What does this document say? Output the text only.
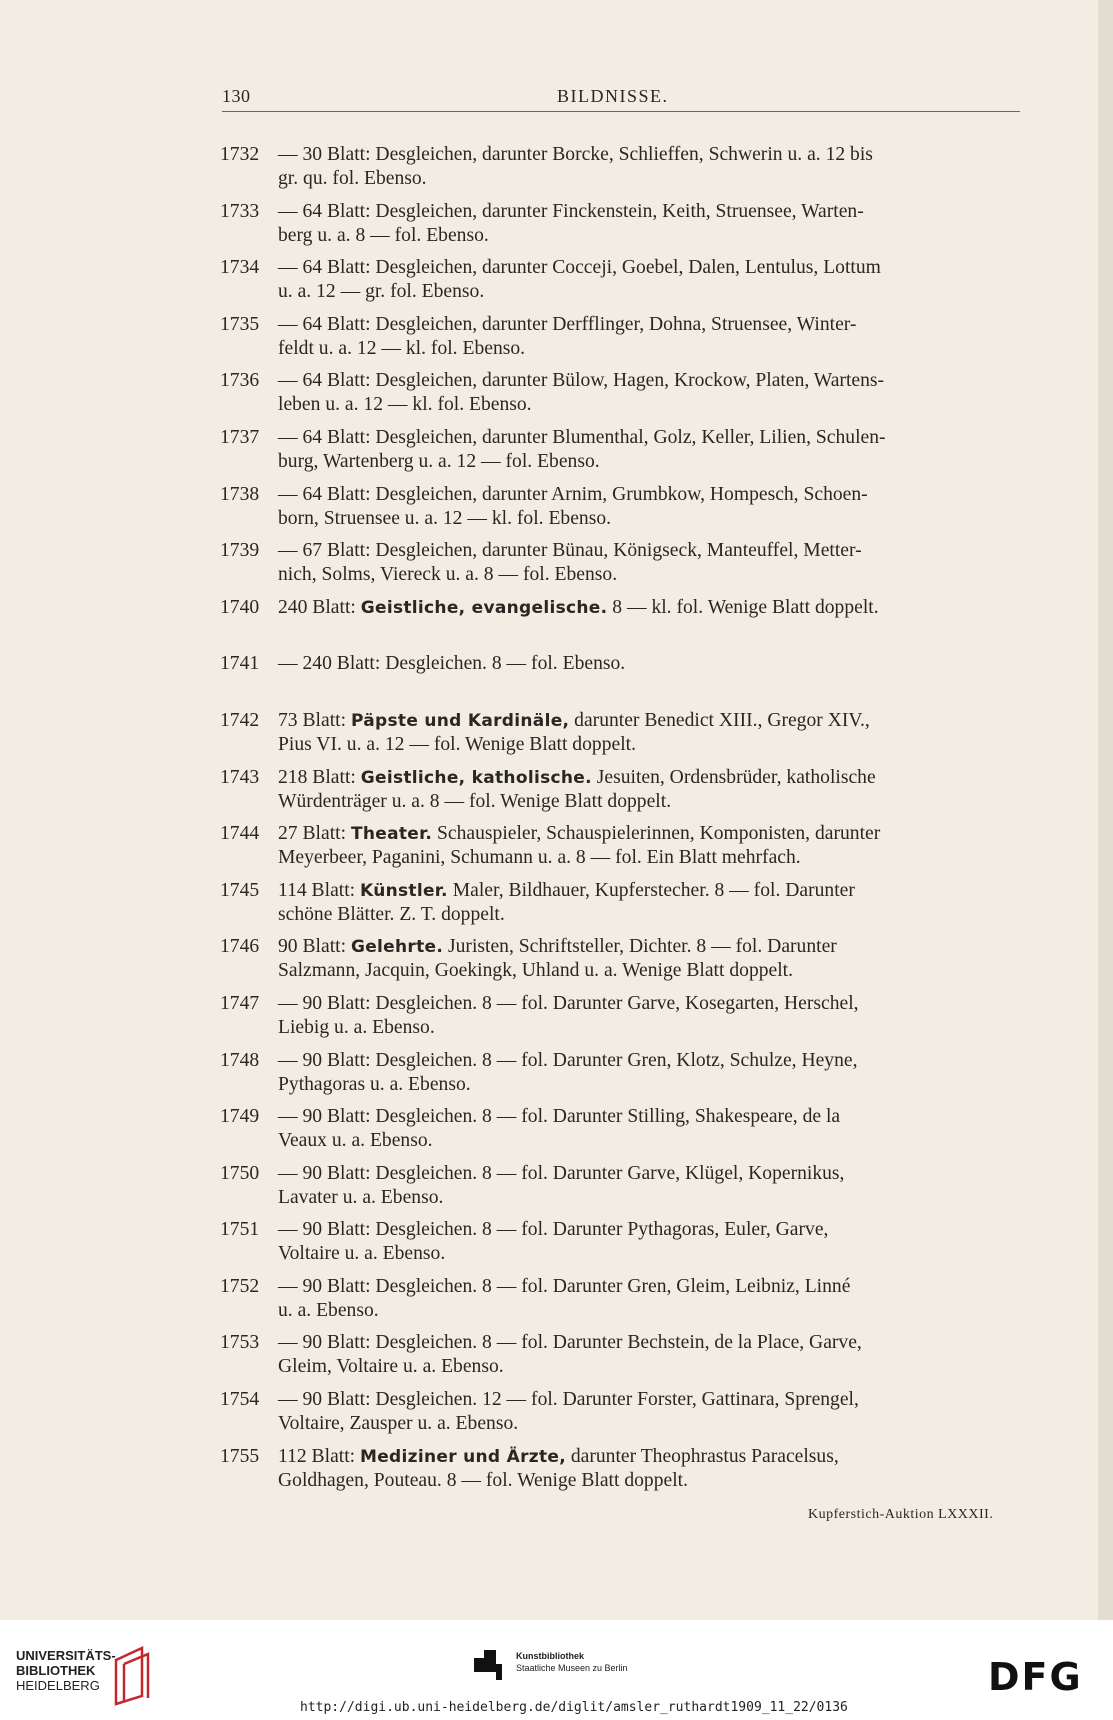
130	BILDNISSE.
1732 — 30 Blatt: Desgleichen, darunter Borcke, Schlieffen, Schwerin u. a. 12 bis
gr. qu. fol. Ebenso.
1733 — 64 Blatt: Desgleichen, darunter Finckenstein, Keith, Struensee, Warten-
berg u. a. 8 — fol. Ebenso.
1734 — 64 Blatt: Desgleichen, darunter Cocceji, Goebel, Dalen, Lentulus, Lottum
u. a. 12 — gr. fol. Ebenso.
1735 — 64 Blatt: Desgleichen, darunter Derfflinger, Dohna, Struensee, Winter-
feldt u. a. 12 — kl. fol. Ebenso.
1736 — 64 Blatt: Desgleichen, darunter Bülow, Hagen, Krockow, Platen, Wartens-
leben u. a. 12 — kl. fol. Ebenso.
1737 — 64 Blatt: Desgleichen, darunter Blumenthal, Golz, Keller, Lilien, Schulen-
burg, Wartenberg u. a. 12 — fol. Ebenso.
1738 — 64 Blatt: Desgleichen, darunter Arnim, Grumbkow, Hompesch, Schoen-
born, Struensee u. a. 12 — kl. fol. Ebenso.
1739 — 67 Blatt: Desgleichen, darunter Bünau, Königseck, Manteuffel, Metter-
nich, Solms, Viereck u. a. 8 — fol. Ebenso.
1740 240 Blatt: Geistliche, evangelische. 8 — kl. fol. Wenige Blatt doppelt.
1741 — 240 Blatt: Desgleichen. 8 — fol. Ebenso.
1742 73 Blatt: Päpste und Kardinäle, darunter Benedict XIII., Gregor XIV.,
Pius VI. u. a. 12 — fol. Wenige Blatt doppelt.
1743 218 Blatt: Geistliche, katholische. Jesuiten, Ordensbrüder, katholische
Würdenträger u. a. 8 — fol. Wenige Blatt doppelt.
1744 27 Blatt: Theater. Schauspieler, Schauspielerinnen, Komponisten, darunter
Meyerbeer, Paganini, Schumann u. a. 8 — fol. Ein Blatt mehrfach.
1745 114 Blatt: Künstler. Maler, Bildhauer, Kupferstecher. 8 — fol. Darunter
schöne Blätter. Z. T. doppelt.
1746 90 Blatt: Gelehrte. Juristen, Schriftsteller, Dichter. 8 — fol. Darunter
Salzmann, Jacquin, Goekingk, Uhland u. a. Wenige Blatt doppelt.
1747 — 90 Blatt: Desgleichen. 8 — fol. Darunter Garve, Kosegarten, Herschel,
Liebig u. a. Ebenso.
1748 — 90 Blatt: Desgleichen. 8 — fol. Darunter Gren, Klotz, Schulze, Heyne,
Pythagoras u. a. Ebenso.
1749 — 90 Blatt: Desgleichen. 8 — fol. Darunter Stilling, Shakespeare, de la
Veaux u. a. Ebenso.
1750 — 90 Blatt: Desgleichen. 8 — fol. Darunter Garve, Klügel, Kopernikus,
Lavater u. a. Ebenso.
1751 — 90 Blatt: Desgleichen. 8 — fol. Darunter Pythagoras, Euler, Garve,
Voltaire u. a. Ebenso.
1752 — 90 Blatt: Desgleichen. 8 — fol. Darunter Gren, Gleim, Leibniz, Linné
u. a. Ebenso.
1753 — 90 Blatt: Desgleichen. 8 — fol. Darunter Bechstein, de la Place, Garve,
Gleim, Voltaire u. a. Ebenso.
1754 — 90 Blatt: Desgleichen. 12 — fol. Darunter Forster, Gattinara, Sprengel,
Voltaire, Zausper u. a. Ebenso.
1755 112 Blatt: Mediziner und Ärzte, darunter Theophrastus Paracelsus,
Goldhagen, Pouteau. 8 — fol. Wenige Blatt doppelt.
Kupferstich-Auktion LXXXII.
UNIVERSITÄTS-
BIBLIOTHEK
HEIDELBERG
Kunstbibliothek
Staatliche Museen zu Berlin	DFG
http://digi.ub.uni-heidelberg.de/diglit/amsler_ruthardt1909_11_22/0136
